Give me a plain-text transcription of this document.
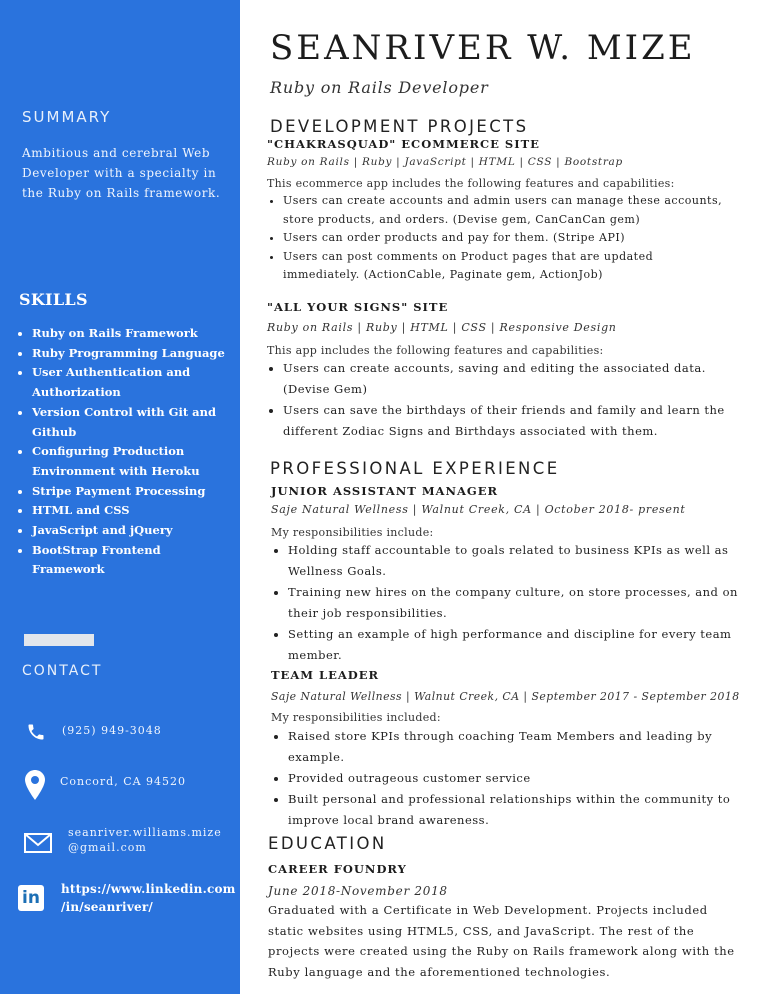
SUMMARY
Ambitious and cerebral Web Developer with a specialty in the Ruby on Rails framework.
SKILLS
• Ruby on Rails Framework
• Ruby Programming Language
• User Authentication and Authorization
• Version Control with Git and Github
• Configuring Production Environment with Heroku
• Stripe Payment Processing
• HTML and CSS
• JavaScript and jQuery
• BootStrap Frontend Framework
CONTACT
(925) 949-3048
Concord, CA 94520
seanriver.williams.mize
@gmail.com
in	https://www.linkedin.com
/in/seanriver/
SEANRIVER W. MIZE
Ruby on Rails Developer
DEVELOPMENT PROJECTS
"CHAKRASQUAD" ECOMMERCE SITE
Ruby on Rails | Ruby | JavaScript | HTML | CSS | Bootstrap
This ecommerce app includes the following features and capabilities:
• Users can create accounts and admin users can manage these accounts, store products, and orders. (Devise gem, CanCanCan gem)
• Users can order products and pay for them. (Stripe API)
• Users can post comments on Product pages that are updated immediately. (ActionCable, Paginate gem, ActionJob)
"ALL YOUR SIGNS" SITE
Ruby on Rails | Ruby | HTML | CSS | Responsive Design
This app includes the following features and capabilities:
• Users can create accounts, saving and editing the associated data. (Devise Gem)
• Users can save the birthdays of their friends and family and learn the different Zodiac Signs and Birthdays associated with them.
PROFESSIONAL EXPERIENCE
JUNIOR ASSISTANT MANAGER
Saje Natural Wellness | Walnut Creek, CA | October 2018- present
My responsibilities include:
• Holding staff accountable to goals related to business KPIs as well as Wellness Goals.
• Training new hires on the company culture, on store processes, and on their job responsibilities.
• Setting an example of high performance and discipline for every team member.
TEAM LEADER
Saje Natural Wellness | Walnut Creek, CA | September 2017 - September 2018
My responsibilities included:
• Raised store KPIs through coaching Team Members and leading by example.
• Provided outrageous customer service
• Built personal and professional relationships within the community to improve local brand awareness.
EDUCATION
CAREER FOUNDRY
June 2018-November 2018
Graduated with a Certificate in Web Development. Projects included static websites using HTML5, CSS, and JavaScript. The rest of the projects were created using the Ruby on Rails framework along with the Ruby language and the aforementioned technologies.
